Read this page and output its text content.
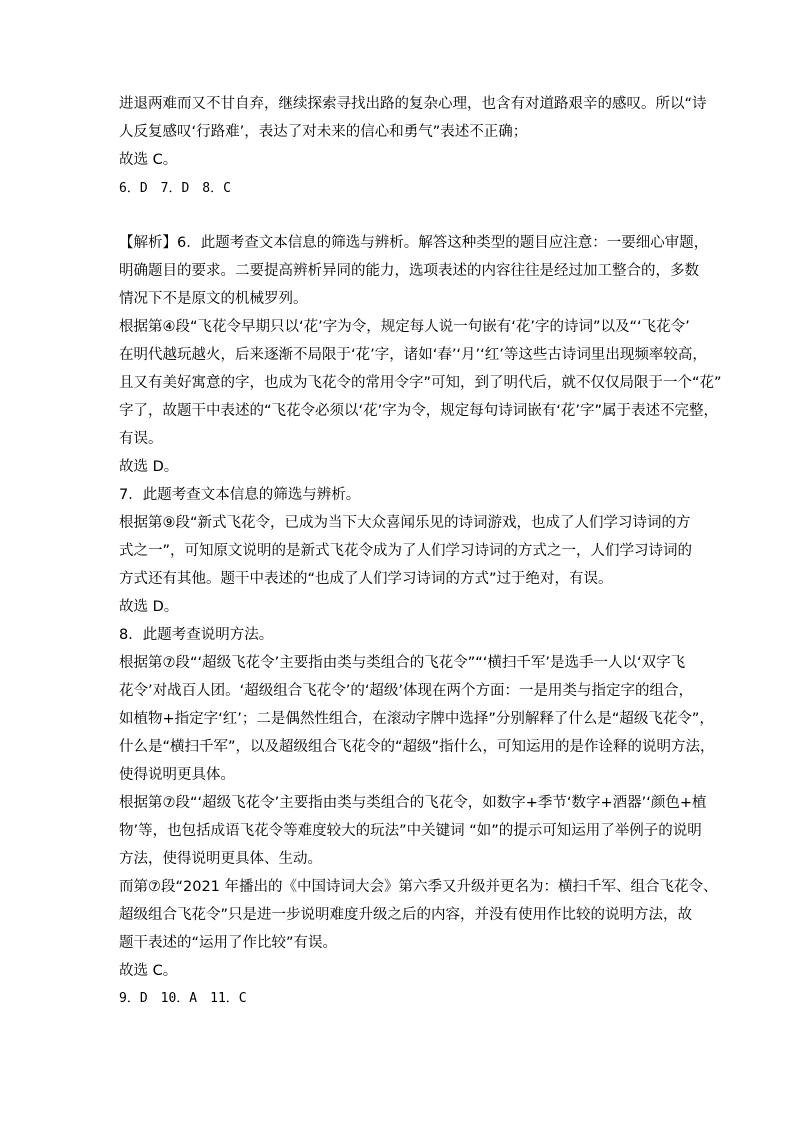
进退两难而又不甘自弃，继续探索寻找出路的复杂心理，也含有对道路艰辛的感叹。所以“诗
人反复感叹‘行路难’，表达了对未来的信心和勇气”表述不正确；
故选 C。
6．D　7．D　8．C
【解析】6．此题考查文本信息的筛选与辨析。解答这种类型的题目应注意：一要细心审题，
明确题目的要求。二要提高辨析异同的能力，选项表述的内容往往是经过加工整合的，多数
情况下不是原文的机械罗列。
根据第④段“飞花令早期只以‘花’字为令，规定每人说一句嵌有‘花’字的诗词”以及“‘飞花令’
在明代越玩越火，后来逐渐不局限于‘花’字，诸如‘春’‘月’‘红’等这些古诗词里出现频率较高，
且又有美好寓意的字，也成为飞花令的常用令字”可知，到了明代后，就不仅仅局限于一个“花”
字了，故题干中表述的“飞花令必须以‘花’字为令，规定每句诗词嵌有‘花’字”属于表述不完整，
有误。
故选 D。
7．此题考查文本信息的筛选与辨析。
根据第⑨段“新式飞花令，已成为当下大众喜闻乐见的诗词游戏，也成了人们学习诗词的方
式之一”，可知原文说明的是新式飞花令成为了人们学习诗词的方式之一，人们学习诗词的
方式还有其他。题干中表述的“也成了人们学习诗词的方式”过于绝对，有误。
故选 D。
8．此题考查说明方法。
根据第⑦段“‘超级飞花令’主要指由类与类组合的飞花令”“‘横扫千军’是选手一人以‘双字飞
花令’对战百人团。‘超级组合飞花令’的‘超级’体现在两个方面：一是用类与指定字的组合，
如植物+指定字‘红’；二是偶然性组合，在滚动字牌中选择”分别解释了什么是“超级飞花令”，
什么是“横扫千军”，以及超级组合飞花令的“超级”指什么，可知运用的是作诠释的说明方法，
使得说明更具体。
根据第⑦段“‘超级飞花令’主要指由类与类组合的飞花令，如数字+季节‘数字+酒器’‘颜色+植
物’等，也包括成语飞花令等难度较大的玩法”中关键词 “如”的提示可知运用了举例子的说明
方法，使得说明更具体、生动。
而第⑦段“2021 年播出的《中国诗词大会》第六季又升级并更名为：横扫千军、组合飞花令、
超级组合飞花令”只是进一步说明难度升级之后的内容，并没有使用作比较的说明方法，故
题干表述的“运用了作比较”有误。
故选 C。
9．D　10．A　11．C
